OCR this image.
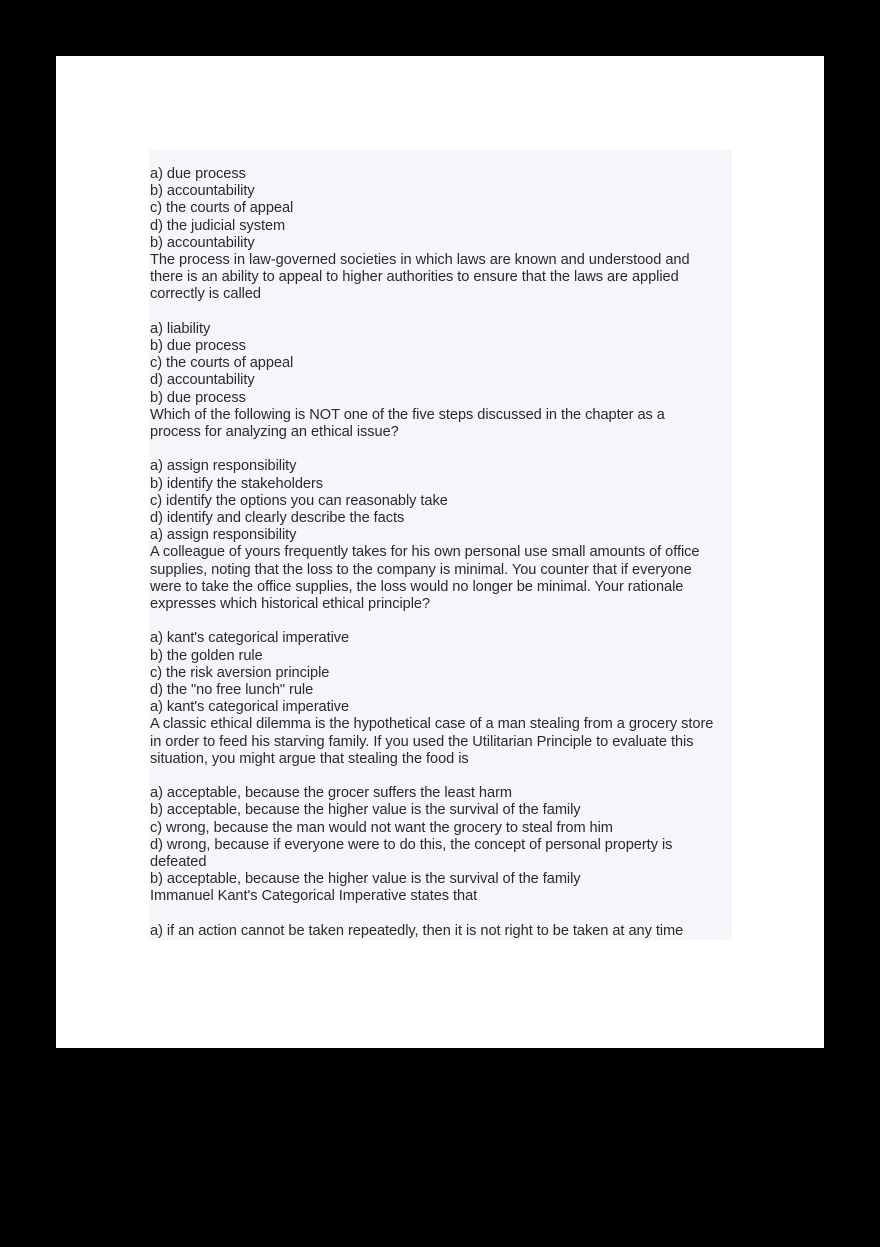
a) due process
b) accountability
c) the courts of appeal
d) the judicial system
b) accountability
The process in law-governed societies in which laws are known and understood and
there is an ability to appeal to higher authorities to ensure that the laws are applied
correctly is called
a) liability
b) due process
c) the courts of appeal
d) accountability
b) due process
Which of the following is NOT one of the five steps discussed in the chapter as a
process for analyzing an ethical issue?
a) assign responsibility
b) identify the stakeholders
c) identify the options you can reasonably take
d) identify and clearly describe the facts
a) assign responsibility
A colleague of yours frequently takes for his own personal use small amounts of office
supplies, noting that the loss to the company is minimal. You counter that if everyone
were to take the office supplies, the loss would no longer be minimal. Your rationale
expresses which historical ethical principle?
a) kant's categorical imperative
b) the golden rule
c) the risk aversion principle
d) the "no free lunch" rule
a) kant's categorical imperative
A classic ethical dilemma is the hypothetical case of a man stealing from a grocery store
in order to feed his starving family. If you used the Utilitarian Principle to evaluate this
situation, you might argue that stealing the food is
a) acceptable, because the grocer suffers the least harm
b) acceptable, because the higher value is the survival of the family
c) wrong, because the man would not want the grocery to steal from him
d) wrong, because if everyone were to do this, the concept of personal property is
defeated
b) acceptable, because the higher value is the survival of the family
Immanuel Kant's Categorical Imperative states that
a) if an action cannot be taken repeatedly, then it is not right to be taken at any time
